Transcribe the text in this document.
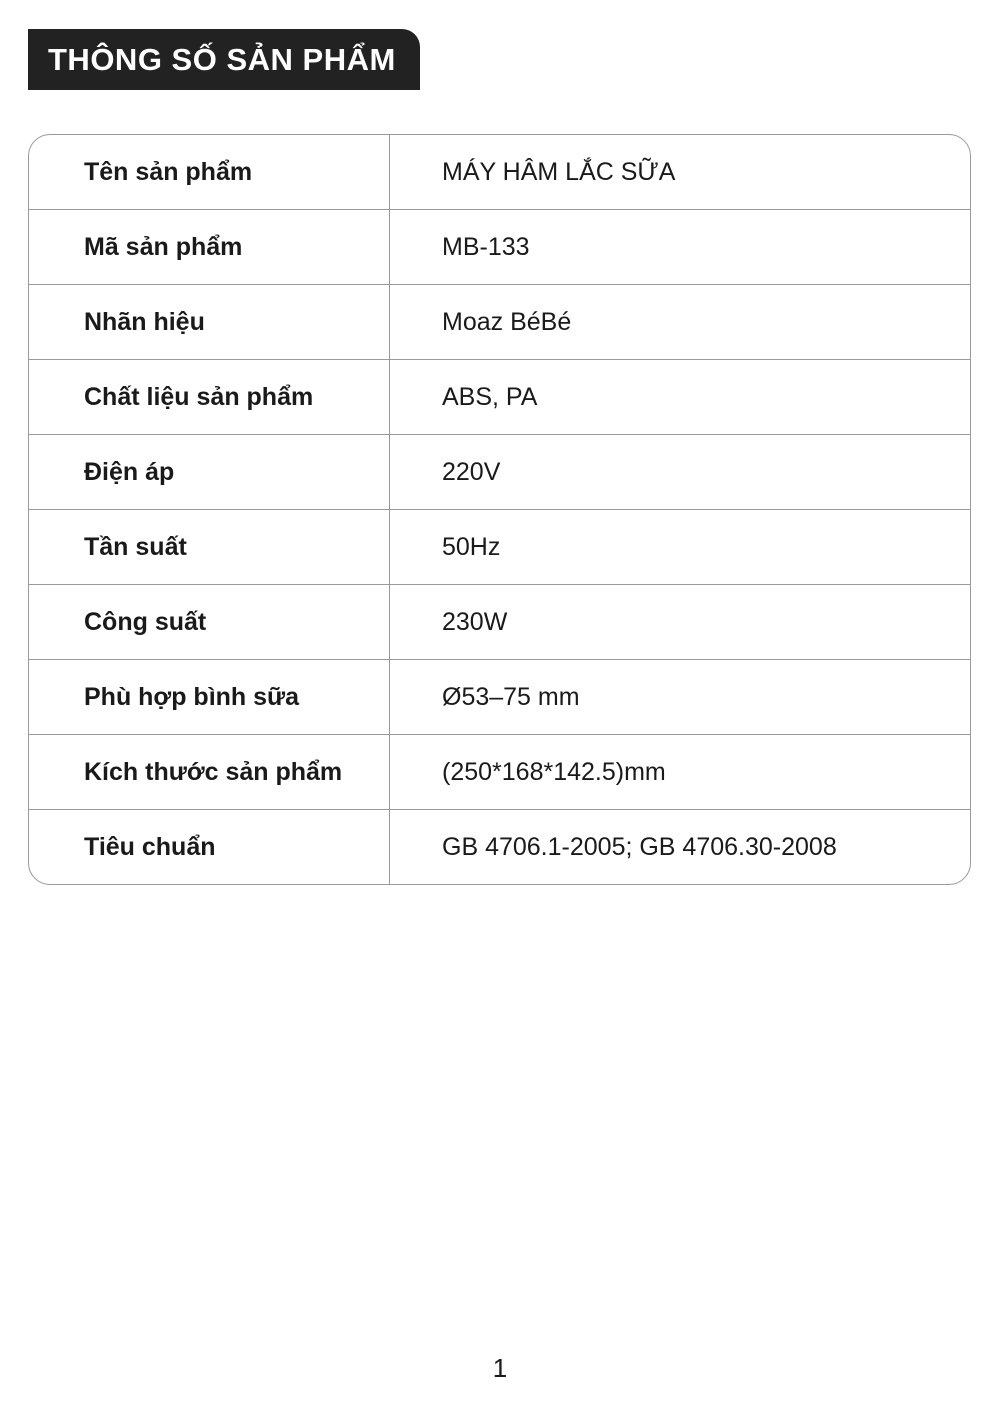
THÔNG SỐ SẢN PHẨM
Tên sản phẩm	MÁY HÂM LẮC SỮA
Mã sản phẩm	MB-133
Nhãn hiệu	Moaz BéBé
Chất liệu sản phẩm	ABS, PA
Điện áp	220V
Tần suất	50Hz
Công suất	230W
Phù hợp bình sữa	Ø53–75 mm
Kích thước sản phẩm	(250*168*142.5)mm
Tiêu chuẩn	GB 4706.1-2005; GB 4706.30-2008
1
